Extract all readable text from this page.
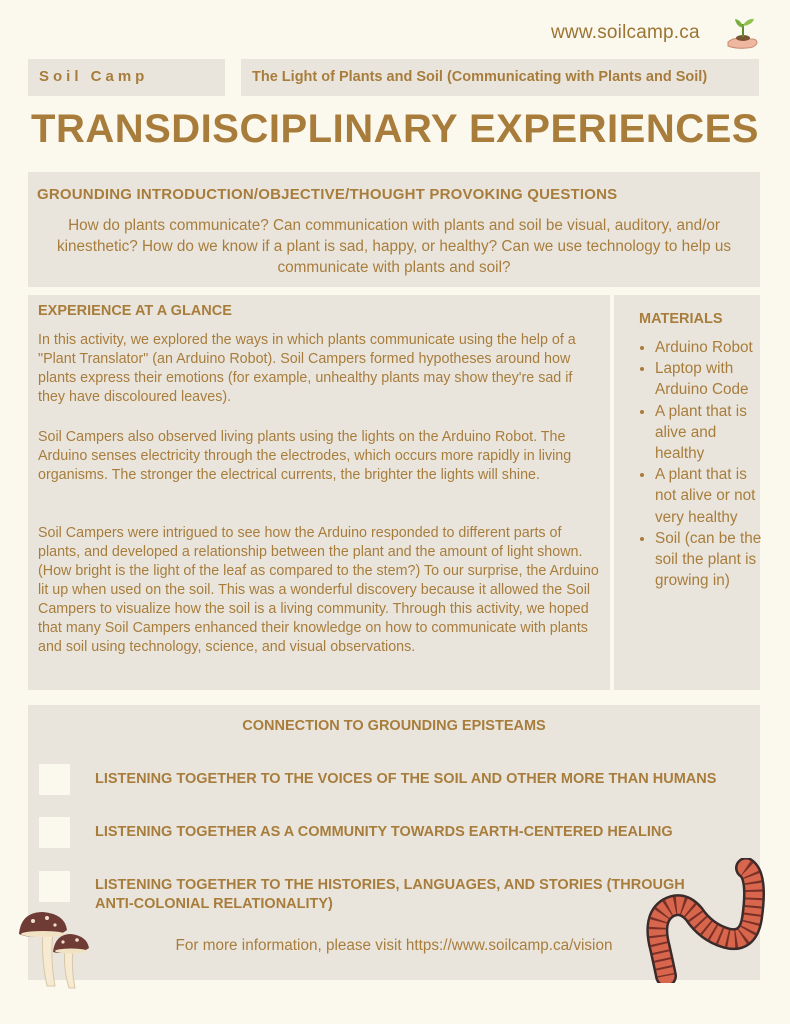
www.soilcamp.ca
Soil Camp	The Light of Plants and Soil (Communicating with Plants and Soil)
TRANSDISCIPLINARY EXPERIENCES
GROUNDING INTRODUCTION/OBJECTIVE/THOUGHT PROVOKING QUESTIONS

How do plants communicate? Can communication with plants and soil be visual, auditory, and/or kinesthetic? How do we know if a plant is sad, happy, or healthy? Can we use technology to help us communicate with plants and soil?

EXPERIENCE AT A GLANCE

In this activity, we explored the ways in which plants communicate using the help of a "Plant Translator" (an Arduino Robot). Soil Campers formed hypotheses around how plants express their emotions (for example, unhealthy plants may show they're sad if they have discoloured leaves).

Soil Campers also observed living plants using the lights on the Arduino Robot. The Arduino senses electricity through the electrodes, which occurs more rapidly in living organisms. The stronger the electrical currents, the brighter the lights will shine.

Soil Campers were intrigued to see how the Arduino responded to different parts of plants, and developed a relationship between the plant and the amount of light shown. (How bright is the light of the leaf as compared to the stem?) To our surprise, the Arduino lit up when used on the soil. This was a wonderful discovery because it allowed the Soil Campers to visualize how the soil is a living community. Through this activity, we hoped that many Soil Campers enhanced their knowledge on how to communicate with plants and soil using technology, science, and visual observations.

MATERIALS
• Arduino Robot
• Laptop with Arduino Code
• A plant that is alive and healthy
• A plant that is not alive or not very healthy
• Soil (can be the soil the plant is growing in)
CONNECTION TO GROUNDING EPISTEAMS

LISTENING TOGETHER TO THE VOICES OF THE SOIL AND OTHER MORE THAN HUMANS

LISTENING TOGETHER AS A COMMUNITY TOWARDS EARTH-CENTERED HEALING

LISTENING TOGETHER TO THE HISTORIES, LANGUAGES, AND STORIES (THROUGH ANTI-COLONIAL RELATIONALITY)

For more information, please visit https://www.soilcamp.ca/vision
